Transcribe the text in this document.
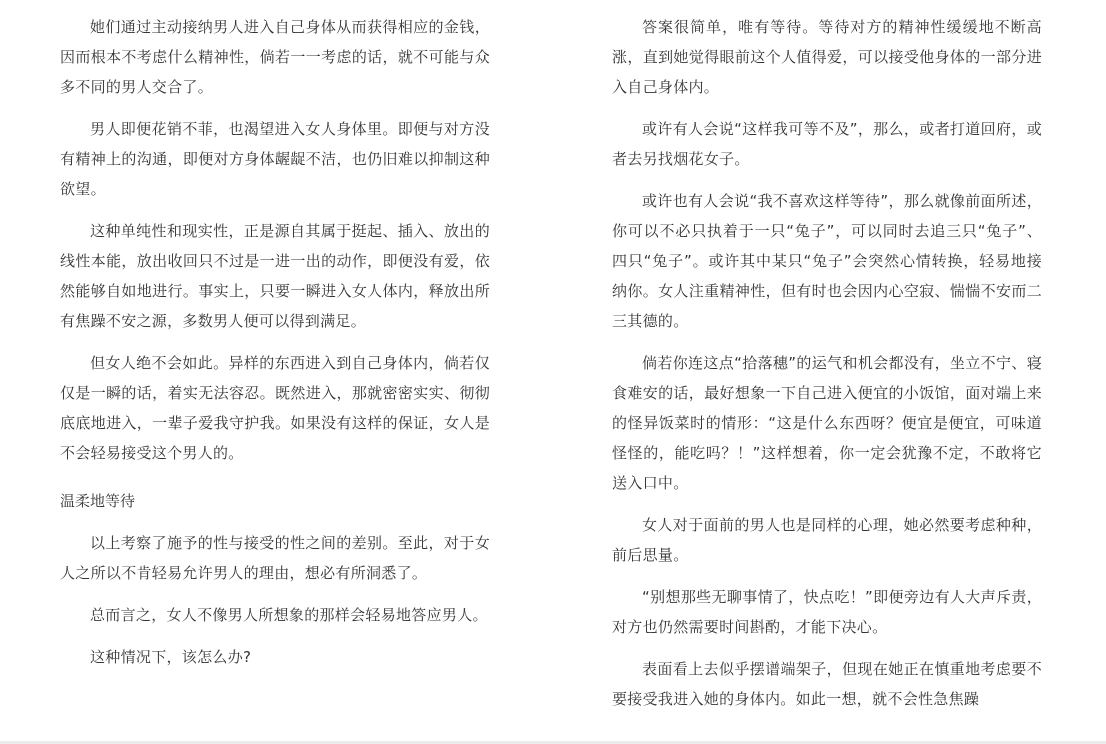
她们通过主动接纳男人进入自己身体从而获得相应的金钱，因而根本不考虑什么精神性，倘若一一考虑的话，就不可能与众多不同的男人交合了。

男人即便花销不菲，也渴望进入女人身体里。即便与对方没有精神上的沟通，即便对方身体龌龊不洁，也仍旧难以抑制这种欲望。

这种单纯性和现实性，正是源自其属于挺起、插入、放出的线性本能，放出收回只不过是一进一出的动作，即便没有爱，依然能够自如地进行。事实上，只要一瞬进入女人体内，释放出所有焦躁不安之源，多数男人便可以得到满足。

但女人绝不会如此。异样的东西进入到自己身体内，倘若仅仅是一瞬的话，着实无法容忍。既然进入，那就密密实实、彻彻底底地进入，一辈子爱我守护我。如果没有这样的保证，女人是不会轻易接受这个男人的。

温柔地等待

以上考察了施予的性与接受的性之间的差别。至此，对于女人之所以不肯轻易允许男人的理由，想必有所洞悉了。

总而言之，女人不像男人所想象的那样会轻易地答应男人。

这种情况下，该怎么办?

答案很简单，唯有等待。等待对方的精神性缓缓地不断高涨，直到她觉得眼前这个人值得爱，可以接受他身体的一部分进入自己身体内。

或许有人会说“这样我可等不及”，那么，或者打道回府，或者去另找烟花女子。

或许也有人会说“我不喜欢这样等待”，那么就像前面所述，你可以不必只执着于一只“兔子”，可以同时去追三只“兔子”、四只“兔子”。或许其中某只“兔子”会突然心情转换，轻易地接纳你。女人注重精神性，但有时也会因内心空寂、惴惴不安而二三其德的。

倘若你连这点“拾落穗”的运气和机会都没有，坐立不宁、寝食难安的话，最好想象一下自己进入便宜的小饭馆，面对端上来的怪异饭菜时的情形：“这是什么东西呀？便宜是便宜，可味道怪怪的，能吃吗？！”这样想着，你一定会犹豫不定，不敢将它送入口中。

女人对于面前的男人也是同样的心理，她必然要考虑种种，前后思量。

“别想那些无聊事情了，快点吃！”即便旁边有人大声斥责，对方也仍然需要时间斟酌，才能下决心。

表面看上去似乎摆谱端架子，但现在她正在慎重地考虑要不要接受我进入她的身体内。如此一想，就不会性急焦躁
